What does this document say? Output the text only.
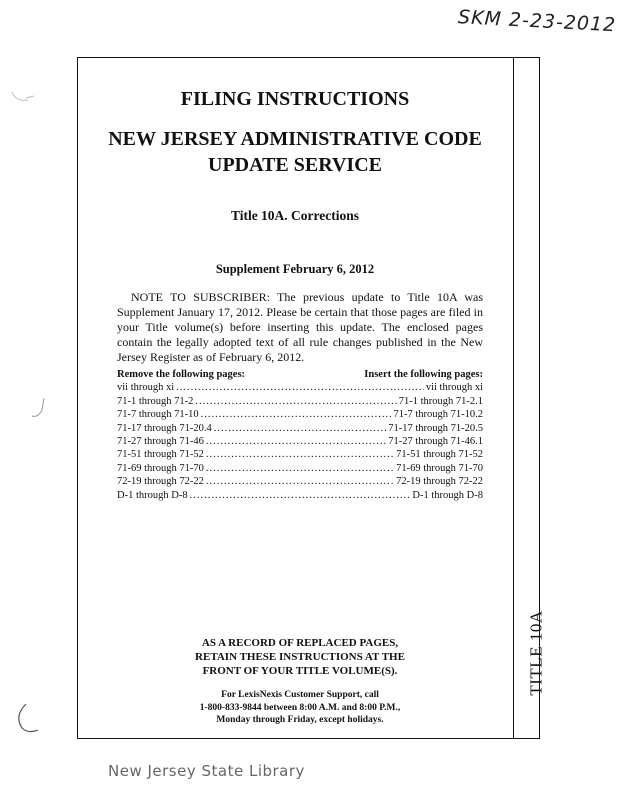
SKM 2-23-2012
TITLE 10A
FILING INSTRUCTIONS
NEW JERSEY ADMINISTRATIVE CODE
UPDATE SERVICE
Title 10A. Corrections
Supplement February 6, 2012
NOTE TO SUBSCRIBER: The previous update to Title 10A was Supplement January 17, 2012. Please be certain that those pages are filed in your Title volume(s) before inserting this update. The enclosed pages contain the legally adopted text of all rule changes published in the New Jersey Register as of February 6, 2012.
Remove the following pages:	Insert the following pages:
vii through xi .....	vii through xi
71-1 through 71-2 .....	71-1 through 71-2.1
71-7 through 71-10 .....	71-7 through 71-10.2
71-17 through 71-20.4 .....	71-17 through 71-20.5
71-27 through 71-46 .....	71-27 through 71-46.1
71-51 through 71-52 .....	71-51 through 71-52
71-69 through 71-70 .....	71-69 through 71-70
72-19 through 72-22 .....	72-19 through 72-22
D-1 through D-8 .....	D-1 through D-8
AS A RECORD OF REPLACED PAGES,
RETAIN THESE INSTRUCTIONS AT THE
FRONT OF YOUR TITLE VOLUME(S).
For LexisNexis Customer Support, call
1-800-833-9844 between 8:00 A.M. and 8:00 P.M.,
Monday through Friday, except holidays.
New Jersey State Library
